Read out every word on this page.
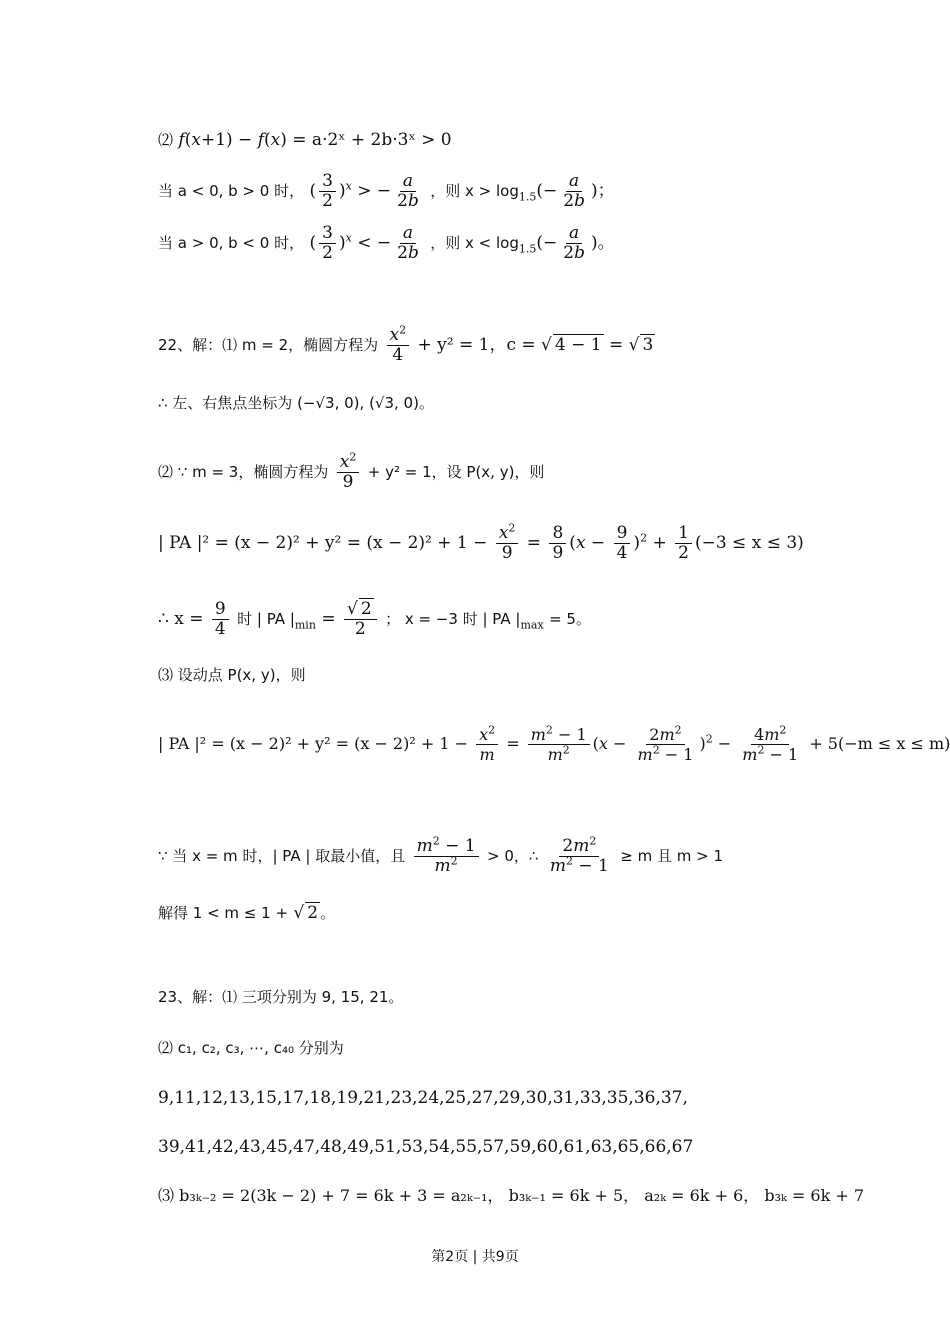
⑵ f(x+1) − f(x) = a·2ˣ + 2b·3ˣ > 0
当 a < 0, b > 0 时， ( $\frac{3}{2} )^x$ > − $\frac{a}{2b}$ ，则 $x > \log_{1.5}(- \frac{a}{2b}$ )；
当 a > 0, b < 0 时， ( $\frac{3}{2} )^x$ < − $\frac{a}{2b}$ ，则 $x < \log_{1.5}(- \frac{a}{2b}$ )。
22、解：⑴ m = 2，椭圆方程为 $\frac{x^2}{4} + y^2 = 1$，c = √ 4 − 1 = √ 3
∴ 左、右焦点坐标为 (−√3, 0), (√3, 0)。
⑵ ∵ m = 3，椭圆方程为 $\frac{x^2}{9} + y^2 = 1$，设 P(x, y)，则
| PA $|^2 = (x - 2)^2 + y^2 = (x - 2)^2 + 1 - \frac{x^2}{9} = \frac{8}{9} (x - \frac{9}{4} )^2 + \frac{1}{2} (-3 \le x \le 3)$
∴ $x = \frac{9}{4}$ 时 | PA $|_{min} = \frac{√ 2}{2}$ ； x = −3 时 | PA $|_{max} = 5$。
⑶ 设动点 P(x, y)，则
| PA $|^2 = (x - 2)^2 + y^2 = (x - 2)^2 + 1 - \frac{x^2}{m} = \frac{m^2 - 1}{m^2} (x - \frac{2m^2}{m^2 - 1} )^2 - \frac{4m^2}{m^2 - 1} + 5(-m \le x \le m)$
∵ 当 x = m 时，| PA | 取最小值，且 $\frac{m^2 - 1}{m^2} > 0$，∴ $\frac{2m^2}{m^2 - 1} \ge m$ 且 m > 1
解得 1 < m ≤ 1 + √ 2 。
23、解：⑴ 三项分别为 9, 15, 21。
⑵ c₁, c₂, c₃, ⋯, c₄₀ 分别为
9,11,12,13,15,17,18,19,21,23,24,25,27,29,30,31,33,35,36,37,
39,41,42,43,45,47,48,49,51,53,54,55,57,59,60,61,63,65,66,67
⑶ b₃ₖ₋₂ = 2(3k − 2) + 7 = 6k + 3 = a₂ₖ₋₁， b₃ₖ₋₁ = 6k + 5， a₂ₖ = 6k + 6， b₃ₖ = 6k + 7
第2页 | 共9页
